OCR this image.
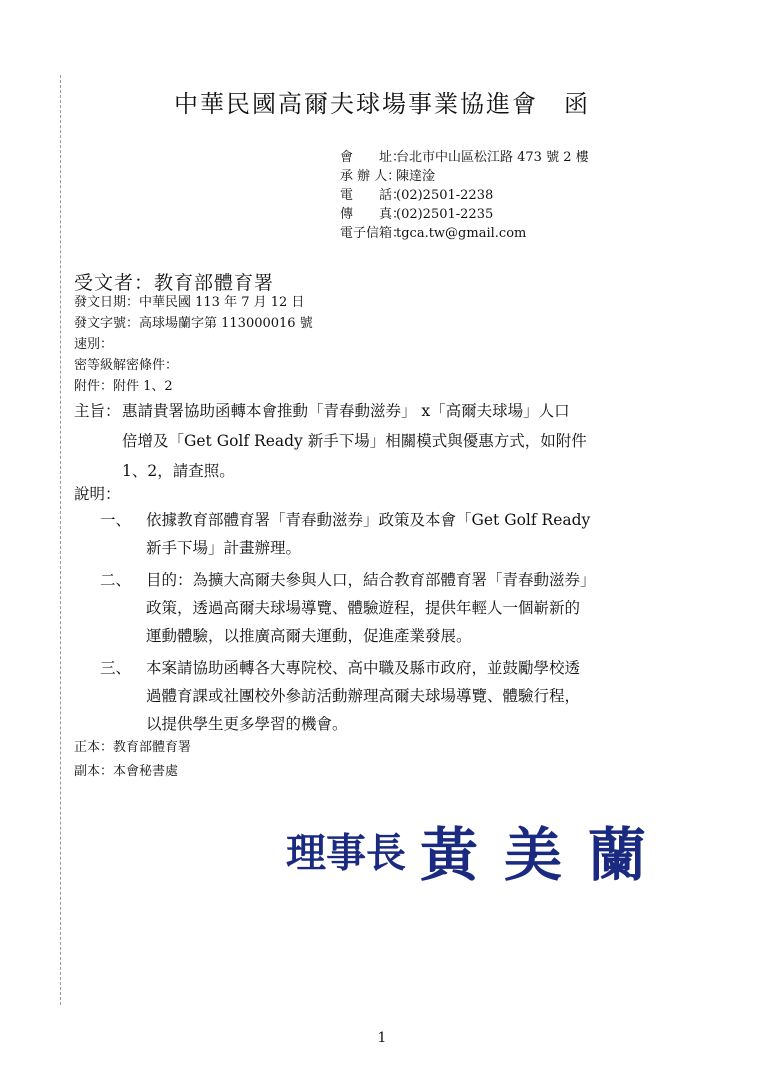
中華民國高爾夫球場事業協進會　函
會　　址：台北市中山區松江路 473 號 2 樓
承 辦 人：陳達淦
電　　話：(02)2501-2238
傳　　真：(02)2501-2235
電子信箱：tgca.tw@gmail.com
受文者：教育部體育署
發文日期：中華民國 113 年 7 月 12 日
發文字號：高球場蘭字第 113000016 號
速別：
密等級解密條件：
附件：附件 1、2
主旨：惠請貴署協助函轉本會推動「青春動滋券」 x「高爾夫球場」人口
倍增及「Get Golf Ready 新手下場」相關模式與優惠方式，如附件
1、2，請查照。
說明：
一、 依據教育部體育署「青春動滋券」政策及本會「Get Golf Ready
新手下場」計畫辦理。
二、 目的：為擴大高爾夫參與人口，結合教育部體育署「青春動滋券」
政策，透過高爾夫球場導覽、體驗遊程，提供年輕人一個嶄新的
運動體驗，以推廣高爾夫運動，促進產業發展。
三、 本案請協助函轉各大專院校、高中職及縣市政府，並鼓勵學校透
過體育課或社團校外參訪活動辦理高爾夫球場導覽、體驗行程，
以提供學生更多學習的機會。
正本：教育部體育署
副本：本會秘書處
理事長 黃美蘭
1
